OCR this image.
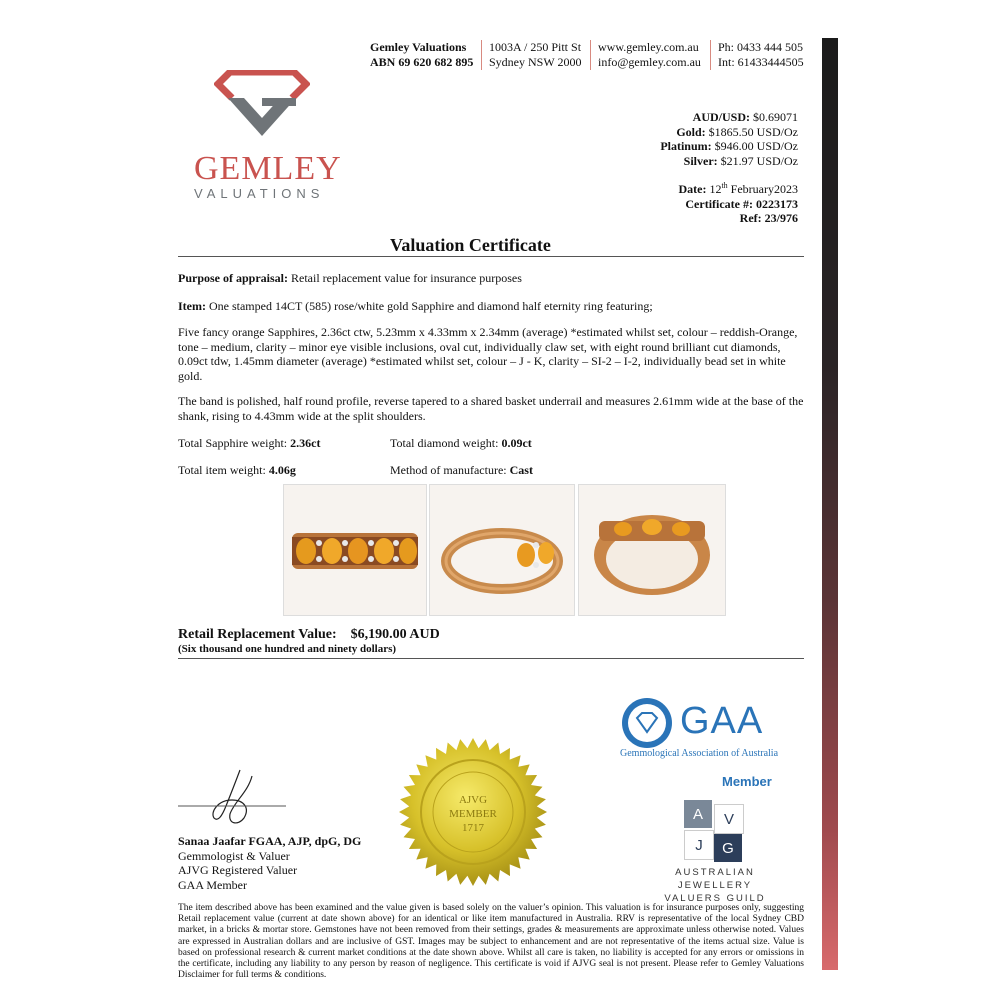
GEMLEY
VALUATIONS
Gemley Valuations
ABN 69 620 682 895
1003A / 250 Pitt St
Sydney NSW 2000
www.gemley.com.au
info@gemley.com.au
Ph: 0433 444 505
Int: 61433444505
AUD/USD: $0.69071
Gold: $1865.50 USD/Oz
Platinum: $946.00 USD/Oz
Silver: $21.97 USD/Oz
Date: 12th February2023
Certificate #: 0223173
Ref: 23/976
Valuation Certificate
Purpose of appraisal: Retail replacement value for insurance purposes
Item: One stamped 14CT (585) rose/white gold Sapphire and diamond half eternity ring featuring;
Five fancy orange Sapphires, 2.36ct ctw, 5.23mm x 4.33mm x 2.34mm (average) *estimated whilst set, colour – reddish-Orange, tone – medium, clarity – minor eye visible inclusions, oval cut, individually claw set, with eight round brilliant cut diamonds, 0.09ct tdw, 1.45mm diameter (average) *estimated whilst set, colour – J - K, clarity – SI-2 – I-2, individually bead set in white gold.
The band is polished, half round profile, reverse tapered to a shared basket underrail and measures 2.61mm wide at the base of the shank, rising to 4.43mm wide at the split shoulders.
Total Sapphire weight: 2.36ct	Total diamond weight: 0.09ct
Total item weight: 4.06g	Method of manufacture: Cast
Retail Replacement Value: $6,190.00 AUD
(Six thousand one hundred and ninety dollars)
GAA
Gemmological Association of Australia
Member
A	V
J	G
AUSTRALIAN JEWELLERY
VALUERS GUILD
AJVG
MEMBER
1717
Sanaa Jaafar FGAA, AJP, dpG, DG
Gemmologist & Valuer
AJVG Registered Valuer
GAA Member
The item described above has been examined and the value given is based solely on the valuer’s opinion. This valuation is for insurance purposes only, suggesting Retail replacement value (current at date shown above) for an identical or like item manufactured in Australia. RRV is representative of the local Sydney CBD market, in a bricks & mortar store. Gemstones have not been removed from their settings, grades & measurements are approximate unless otherwise noted. Values are expressed in Australian dollars and are inclusive of GST. Images may be subject to enhancement and are not representative of the items actual size. Value is based on professional research & current market conditions at the date shown above. Whilst all care is taken, no liability is accepted for any errors or omissions in the certificate, including any liability to any person by reason of negligence. This certificate is void if AJVG seal is not present. Please refer to Gemley Valuations Disclaimer for full terms & conditions.
